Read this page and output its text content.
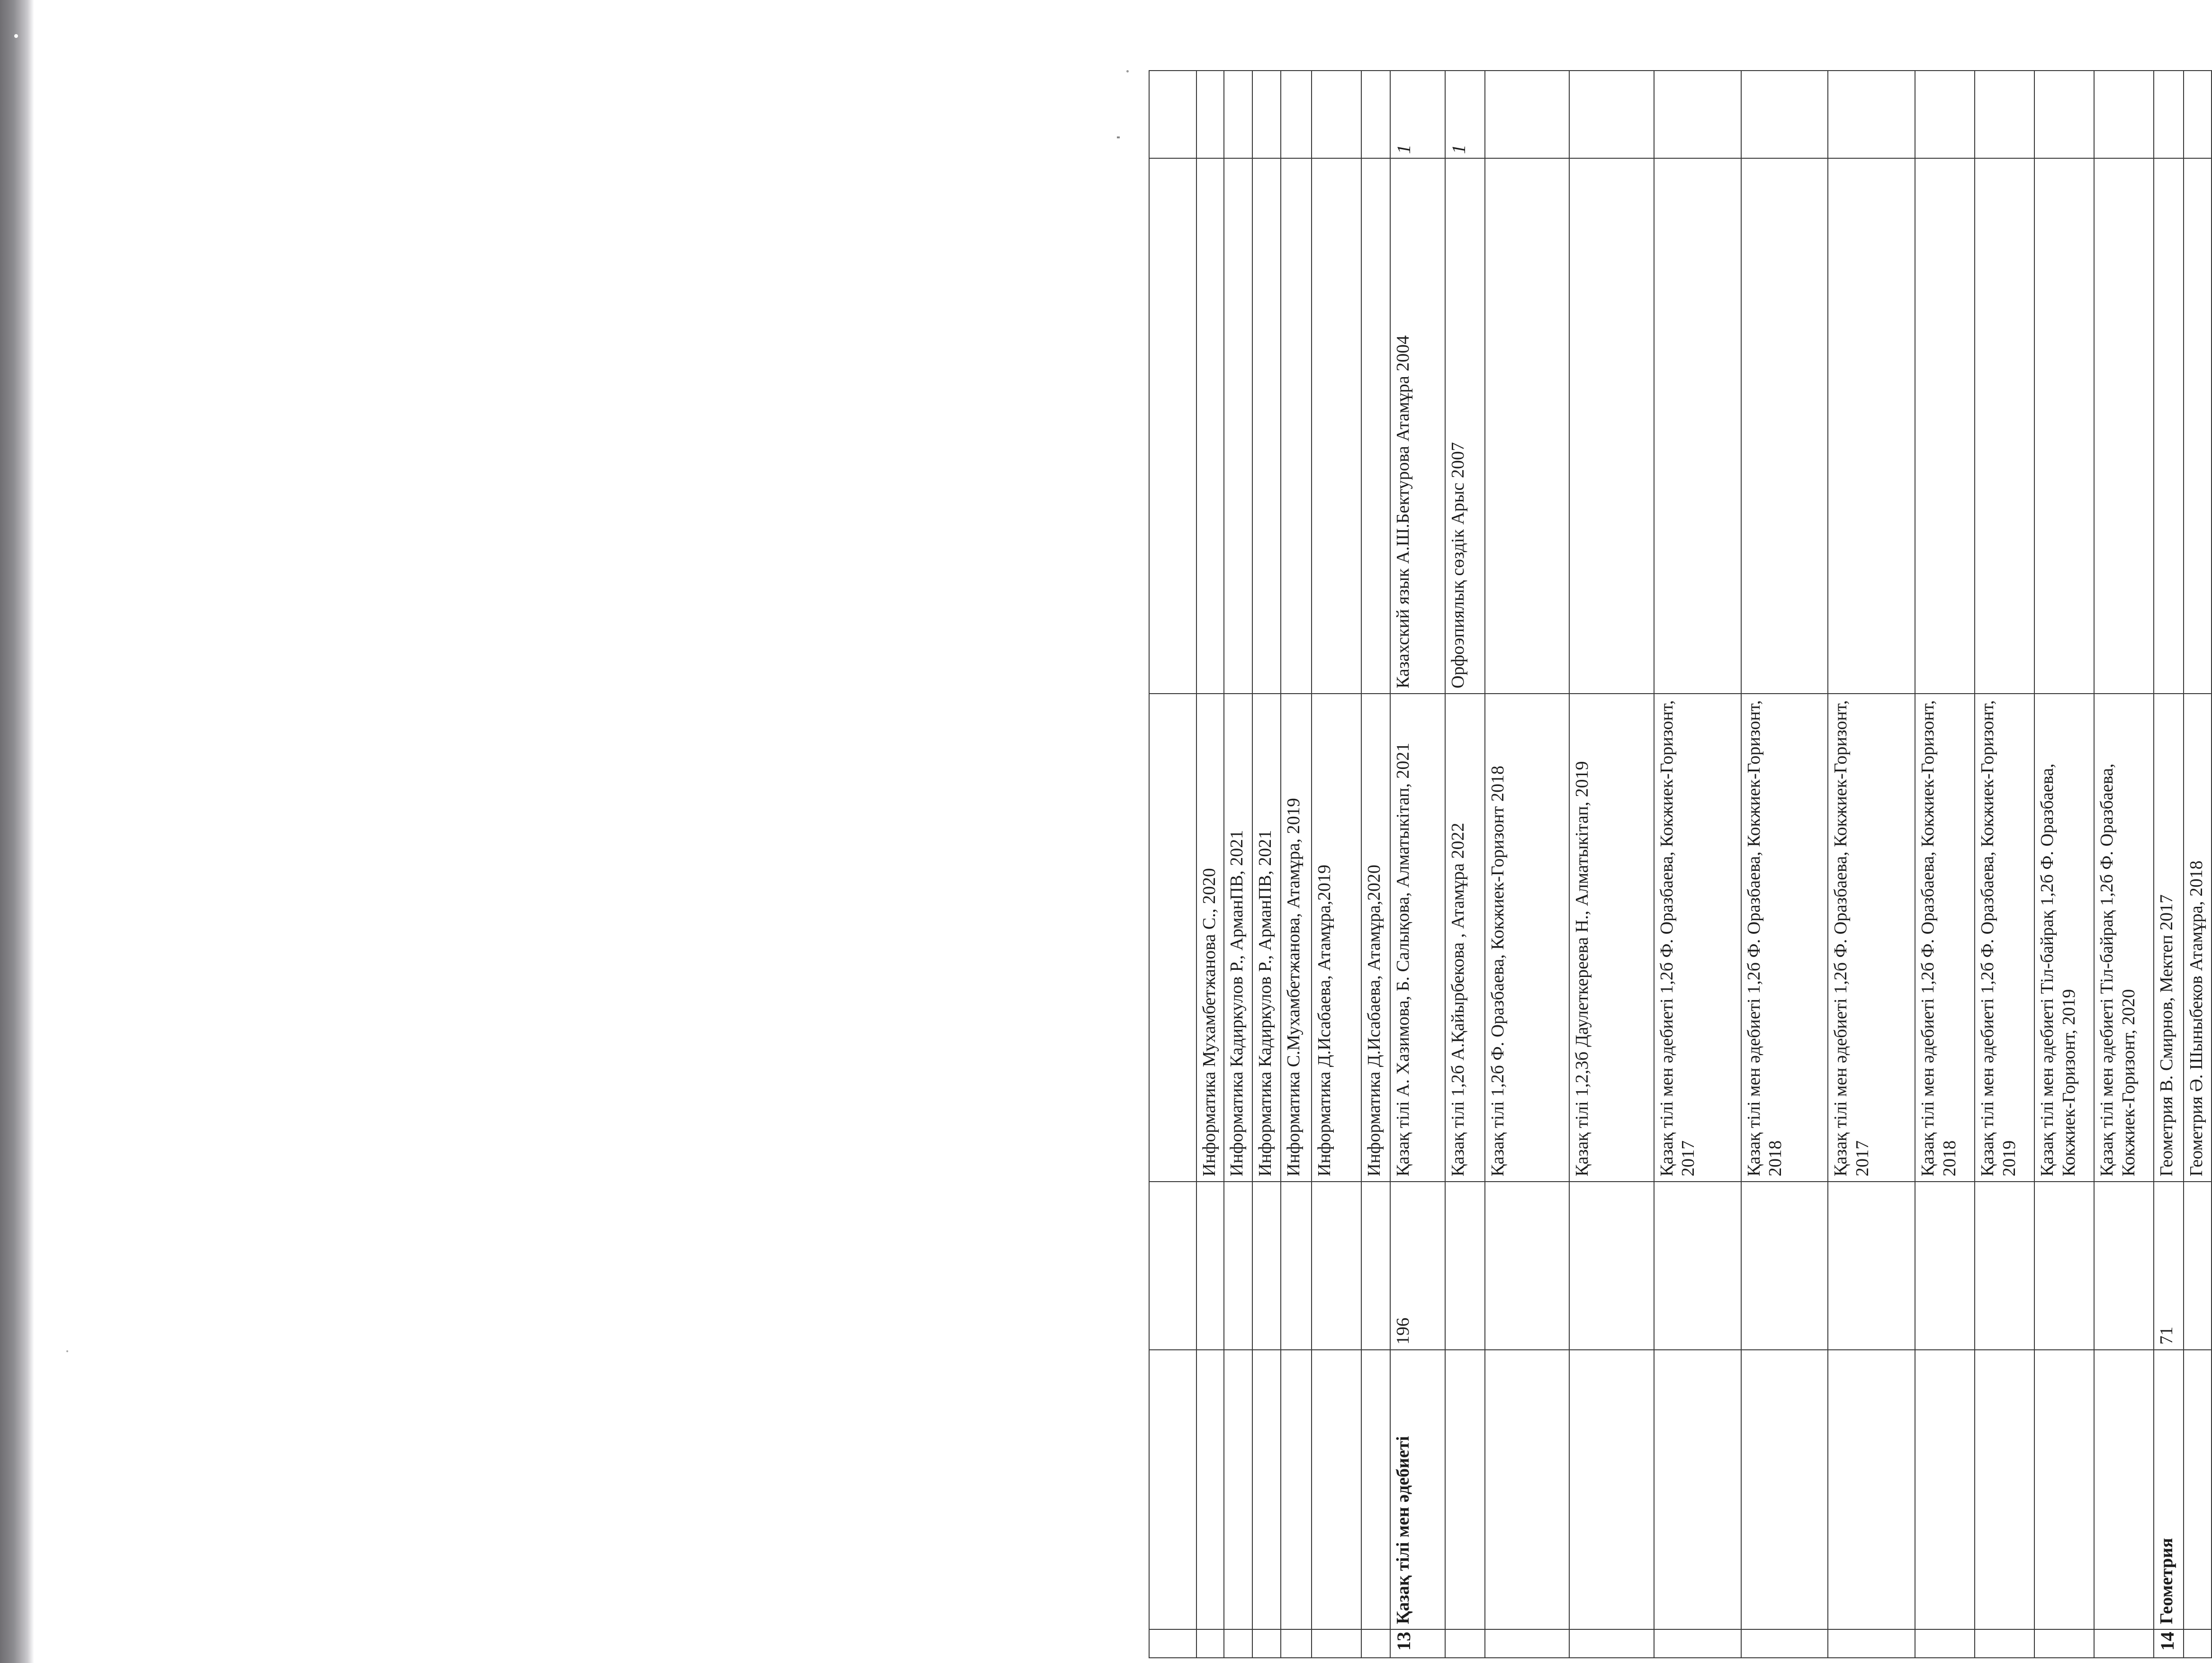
			Информатика Мухамбетжанова С., 2020		
			Информатика Кадиркулов Р., АрманПВ, 2021		
			Информатика Кадиркулов Р., АрманПВ, 2021		
			Информатика С.Мухамбетжанова, Атамұра, 2019		
			Информатика Д.Исабаева, Атамұра,2019		
			Информатика Д.Исабаева, Атамұра,2020		
13	Қазақ тілі мен әдебиеті	196	Қазақ тілі А. Хазимова, Б. Салықова, Алматыкітап, 2021	Казахский язык А.Ш.Бектурова Атамұра 2004	1
			Қазақ тілі 1,2б А.Қайырбекова , Атамұра 2022	Орфоэпиялық сөздік Арыс 2007	1
			Қазақ тілі 1,2б Ф. Оразбаева, Кокжиек-Горизонт 2018		
			Қазақ тілі 1,2,3б Даулеткереева Н., Алматыкітап, 2019		
			Қазақ тілі мен әдебиеті 1,2б Ф. Оразбаева, Кокжиек-Горизонт, 2017		
			Қазақ тілі мен әдебиеті 1,2б Ф. Оразбаева, Кокжиек-Горизонт, 2018		
			Қазақ тілі мен әдебиеті 1,2б Ф. Оразбаева, Кокжиек-Горизонт, 2017		
			Қазақ тілі мен әдебиеті 1,2б Ф. Оразбаева, Кокжиек-Горизонт, 2018		
			Қазақ тілі мен әдебиеті 1,2б Ф. Оразбаева, Кокжиек-Горизонт, 2019		
			Қазақ тілі мен әдебиеті Тіл-байрақ 1,2б Ф. Оразбаева, Кокжиек-Горизонт, 2019		
			Қазақ тілі мен әдебиеті Тіл-байрақ 1,2б Ф. Оразбаева, Кокжиек-Горизонт, 2020		
14	Геометрия	71	Геометрия В. Смирнов, Мектеп 2017		
			Геометрия Ә. Шыныбеков Атамұра, 2018		
